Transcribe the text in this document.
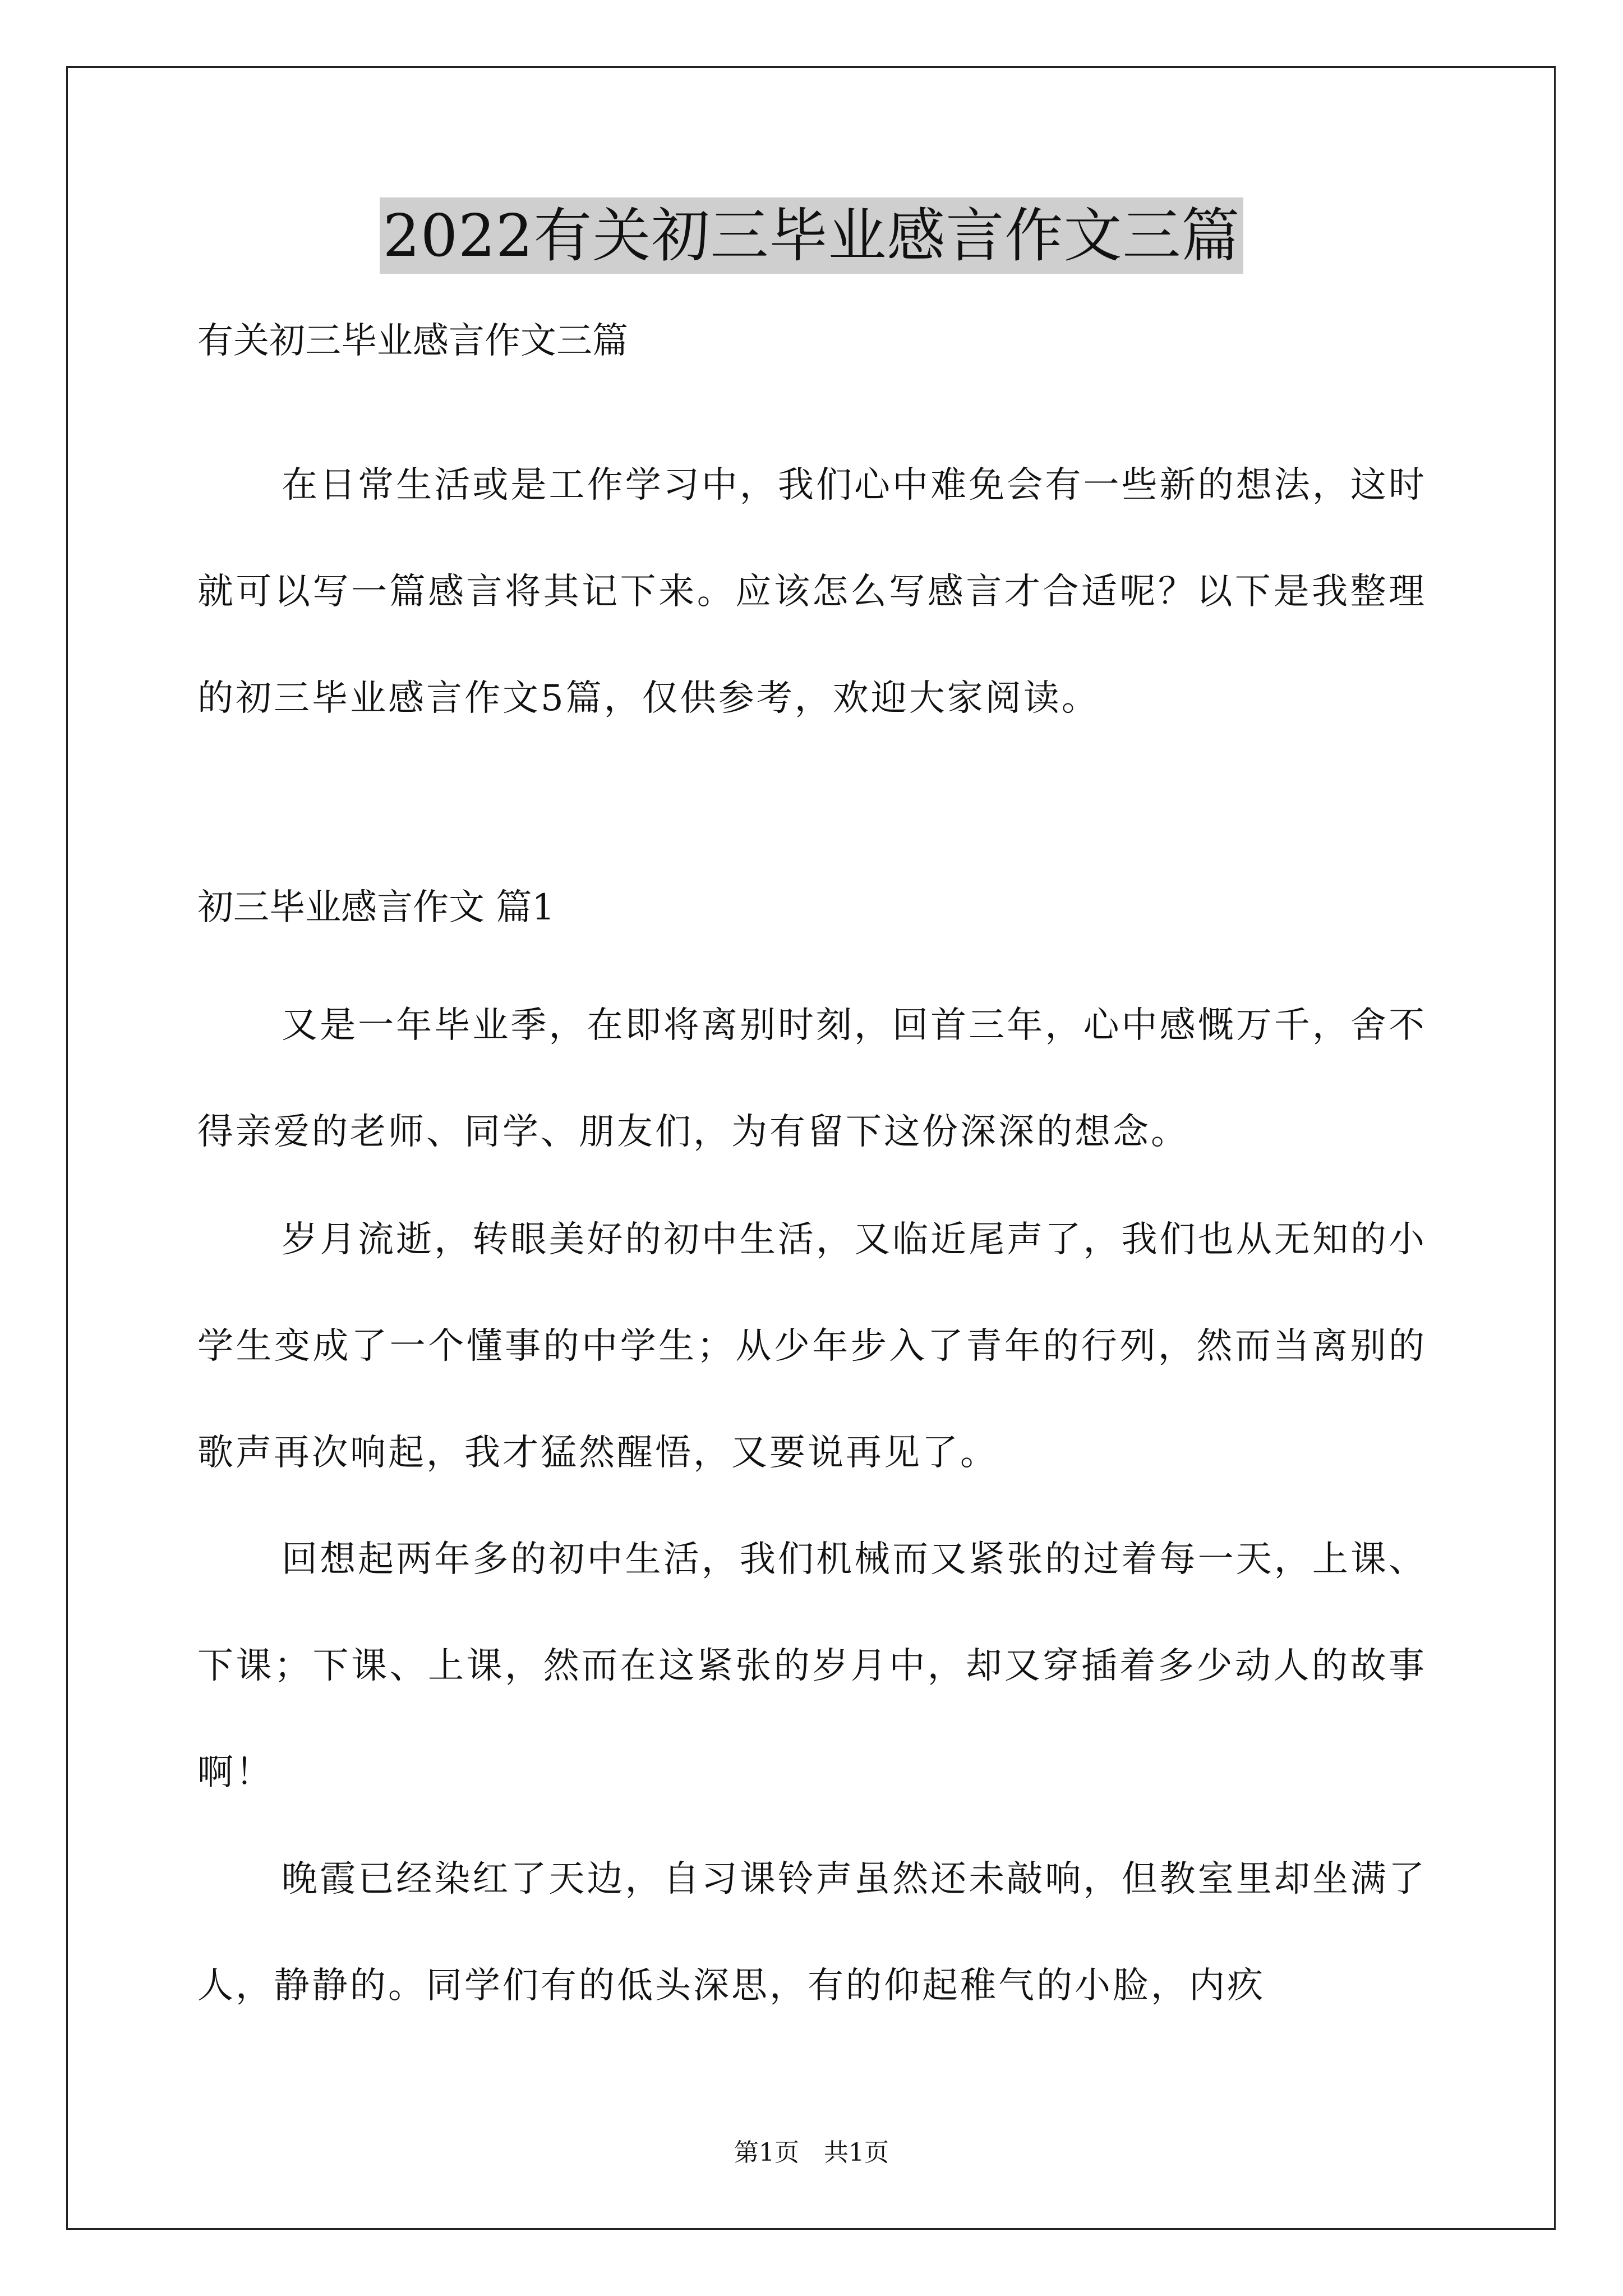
2022有关初三毕业感言作文三篇

有关初三毕业感言作文三篇

在日常生活或是工作学习中，我们心中难免会有一些新的想法，这时就可以写一篇感言将其记下来。应该怎么写感言才合适呢？以下是我整理的初三毕业感言作文5篇，仅供参考，欢迎大家阅读。

初三毕业感言作文 篇1

又是一年毕业季，在即将离别时刻，回首三年，心中感慨万千，舍不得亲爱的老师、同学、朋友们，为有留下这份深深的想念。

岁月流逝，转眼美好的初中生活，又临近尾声了，我们也从无知的小学生变成了一个懂事的中学生；从少年步入了青年的行列，然而当离别的歌声再次响起，我才猛然醒悟，又要说再见了。

回想起两年多的初中生活，我们机械而又紧张的过着每一天，上课、下课；下课、上课，然而在这紧张的岁月中，却又穿插着多少动人的故事啊！

晚霞已经染红了天边，自习课铃声虽然还未敲响，但教室里却坐满了人，静静的。同学们有的低头深思，有的仰起稚气的小脸，内疚

第1页　共1页
